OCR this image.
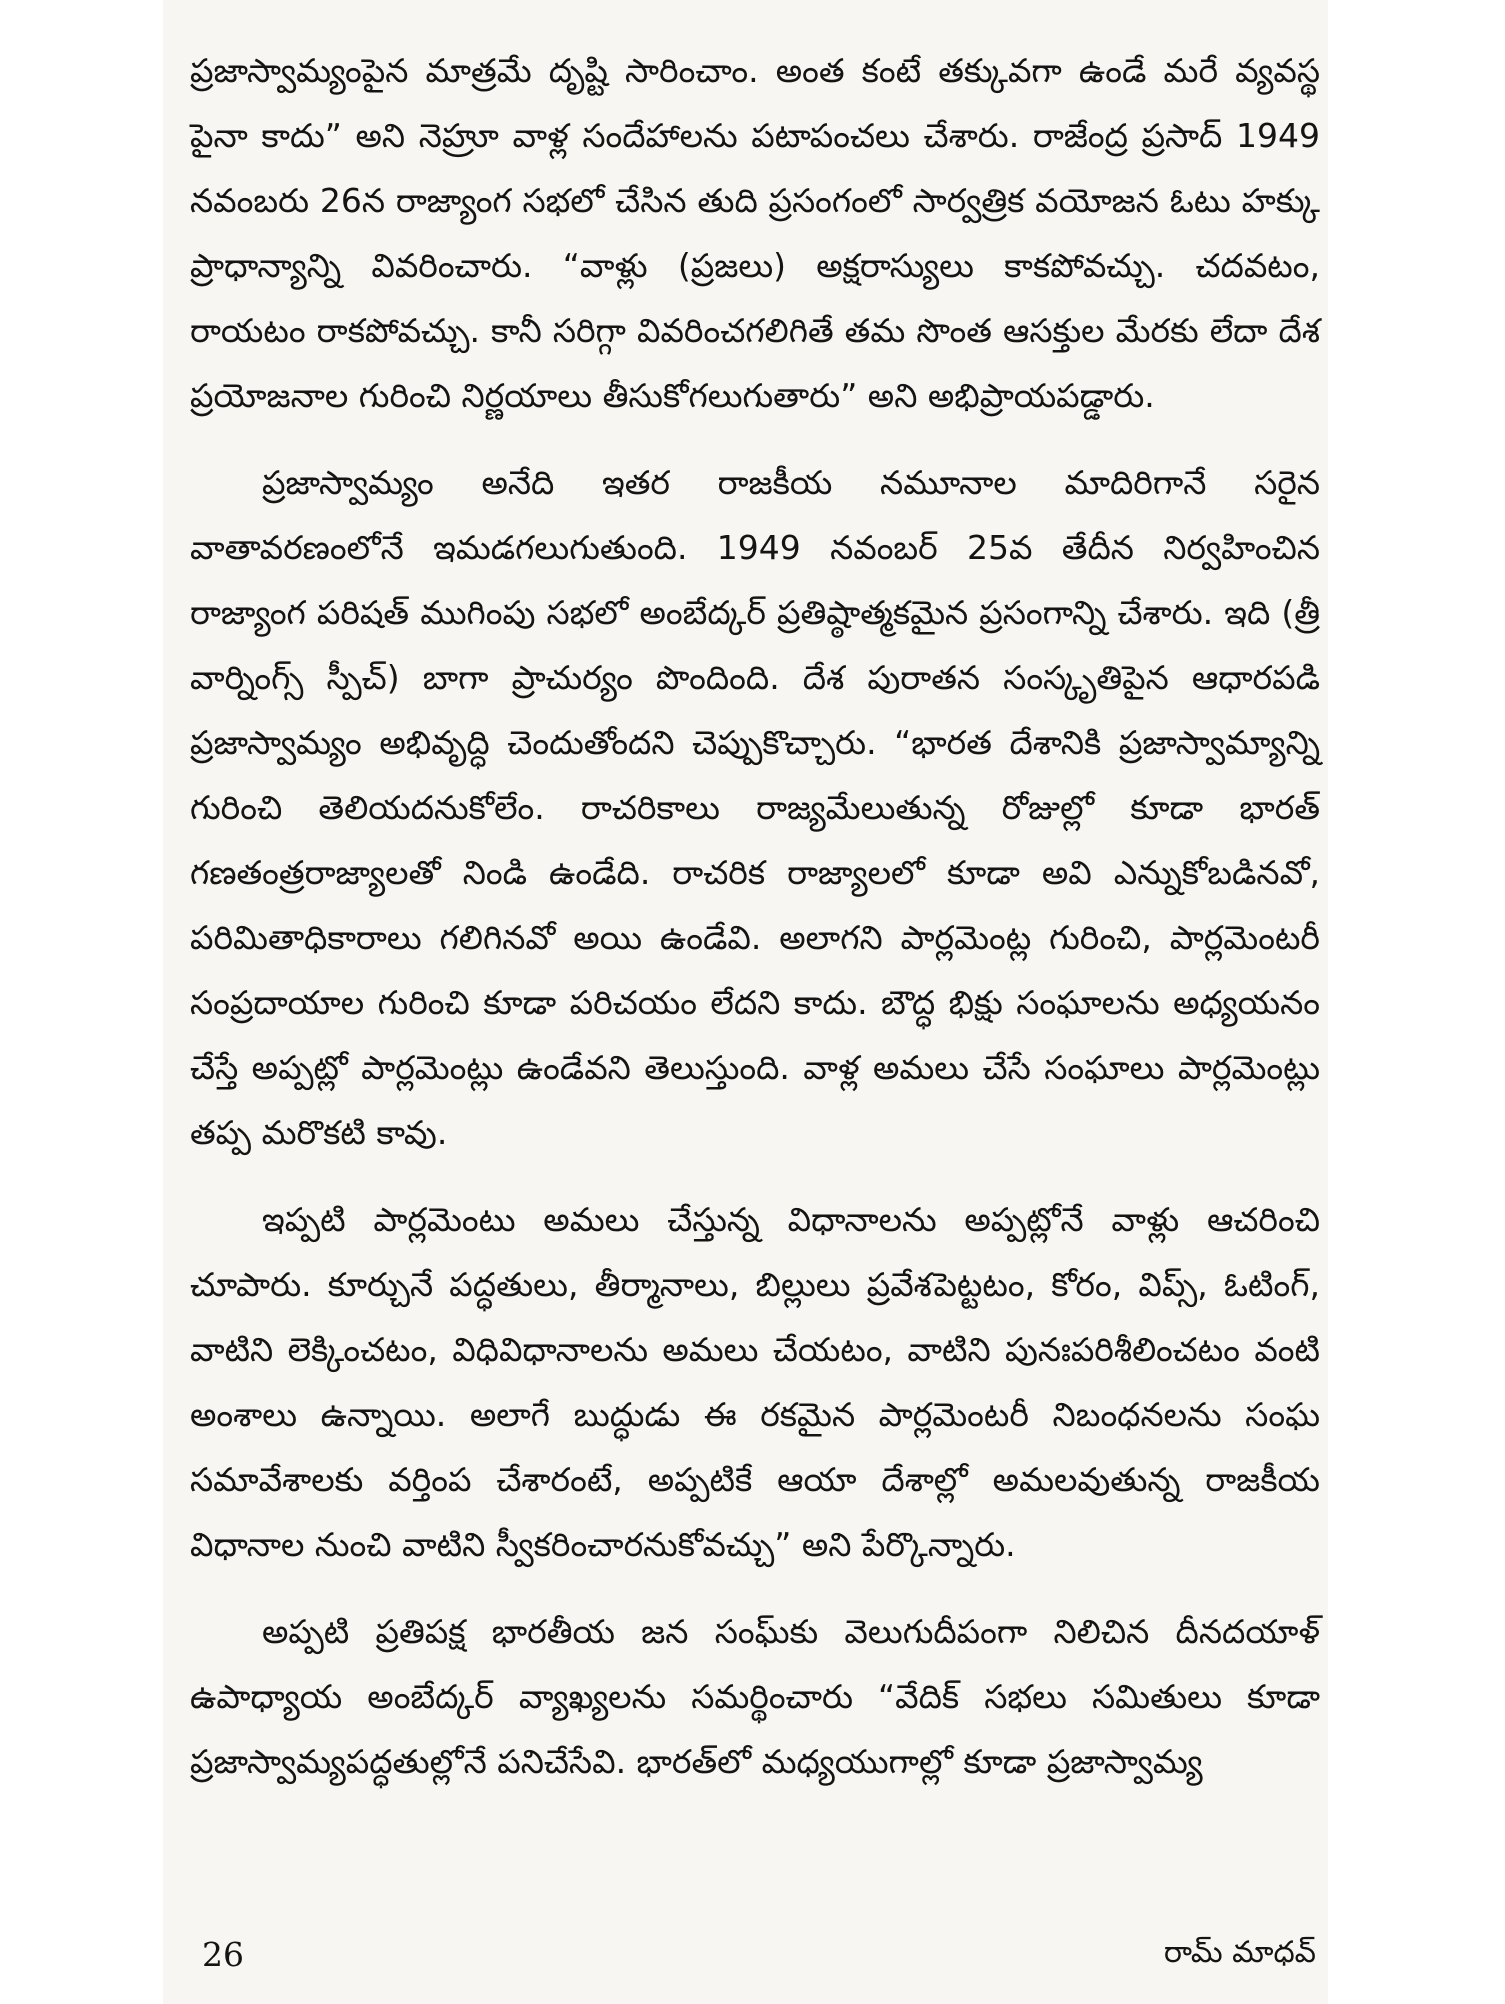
ప్రజాస్వామ్యంపైన మాత్రమే దృష్టి సారించాం. అంత కంటే తక్కువగా ఉండే మరే వ్యవస్థ పైనా కాదు” అని నెహ్రూ వాళ్ల సందేహాలను పటాపంచలు చేశారు. రాజేంద్ర ప్రసాద్ 1949 నవంబరు 26న రాజ్యాంగ సభలో చేసిన తుది ప్రసంగంలో సార్వత్రిక వయోజన ఓటు హక్కు ప్రాధాన్యాన్ని వివరించారు. “వాళ్లు (ప్రజలు) అక్షరాస్యులు కాకపోవచ్చు. చదవటం, రాయటం రాకపోవచ్చు. కానీ సరిగ్గా వివరించగలిగితే తమ సొంత ఆసక్తుల మేరకు లేదా దేశ ప్రయోజనాల గురించి నిర్ణయాలు తీసుకోగలుగుతారు” అని అభిప్రాయపడ్డారు.

ప్రజాస్వామ్యం అనేది ఇతర రాజకీయ నమూనాల మాదిరిగానే సరైన వాతావరణంలోనే ఇమడగలుగుతుంది. 1949 నవంబర్ 25వ తేదీన నిర్వహించిన రాజ్యాంగ పరిషత్ ముగింపు సభలో అంబేద్కర్ ప్రతిష్ఠాత్మకమైన ప్రసంగాన్ని చేశారు. ఇది (త్రీ వార్నింగ్స్ స్పీచ్) బాగా ప్రాచుర్యం పొందింది. దేశ పురాతన సంస్కృతిపైన ఆధారపడి ప్రజాస్వామ్యం అభివృద్ధి చెందుతోందని చెప్పుకొచ్చారు. “భారత దేశానికి ప్రజాస్వామ్యాన్ని గురించి తెలియదనుకోలేం. రాచరికాలు రాజ్యమేలుతున్న రోజుల్లో కూడా భారత్ గణతంత్రరాజ్యాలతో నిండి ఉండేది. రాచరిక రాజ్యాలలో కూడా అవి ఎన్నుకోబడినవో, పరిమితాధికారాలు గలిగినవో అయి ఉండేవి. అలాగని పార్లమెంట్ల గురించి, పార్లమెంటరీ సంప్రదాయాల గురించి కూడా పరిచయం లేదని కాదు. బౌద్ధ భిక్షు సంఘాలను అధ్యయనం చేస్తే అప్పట్లో పార్లమెంట్లు ఉండేవని తెలుస్తుంది. వాళ్ల అమలు చేసే సంఘాలు పార్లమెంట్లు తప్ప మరొకటి కావు.

ఇప్పటి పార్లమెంటు అమలు చేస్తున్న విధానాలను అప్పట్లోనే వాళ్లు ఆచరించి చూపారు. కూర్చునే పద్ధతులు, తీర్మానాలు, బిల్లులు ప్రవేశపెట్టటం, కోరం, విప్స్, ఓటింగ్, వాటిని లెక్కించటం, విధివిధానాలను అమలు చేయటం, వాటిని పునఃపరిశీలించటం వంటి అంశాలు ఉన్నాయి. అలాగే బుద్ధుడు ఈ రకమైన పార్లమెంటరీ నిబంధనలను సంఘ సమావేశాలకు వర్తింప చేశారంటే, అప్పటికే ఆయా దేశాల్లో అమలవుతున్న రాజకీయ విధానాల నుంచి వాటిని స్వీకరించారనుకోవచ్చు” అని పేర్కొన్నారు.

అప్పటి ప్రతిపక్ష భారతీయ జన సంఘ్‌కు వెలుగుదీపంగా నిలిచిన దీనదయాళ్ ఉపాధ్యాయ అంబేద్కర్ వ్యాఖ్యలను సమర్థించారు “వేదిక్ సభలు సమితులు కూడా ప్రజాస్వామ్యపద్ధతుల్లోనే పనిచేసేవి. భారత్‌లో మధ్యయుగాల్లో కూడా ప్రజాస్వామ్య

26	రామ్ మాధవ్
